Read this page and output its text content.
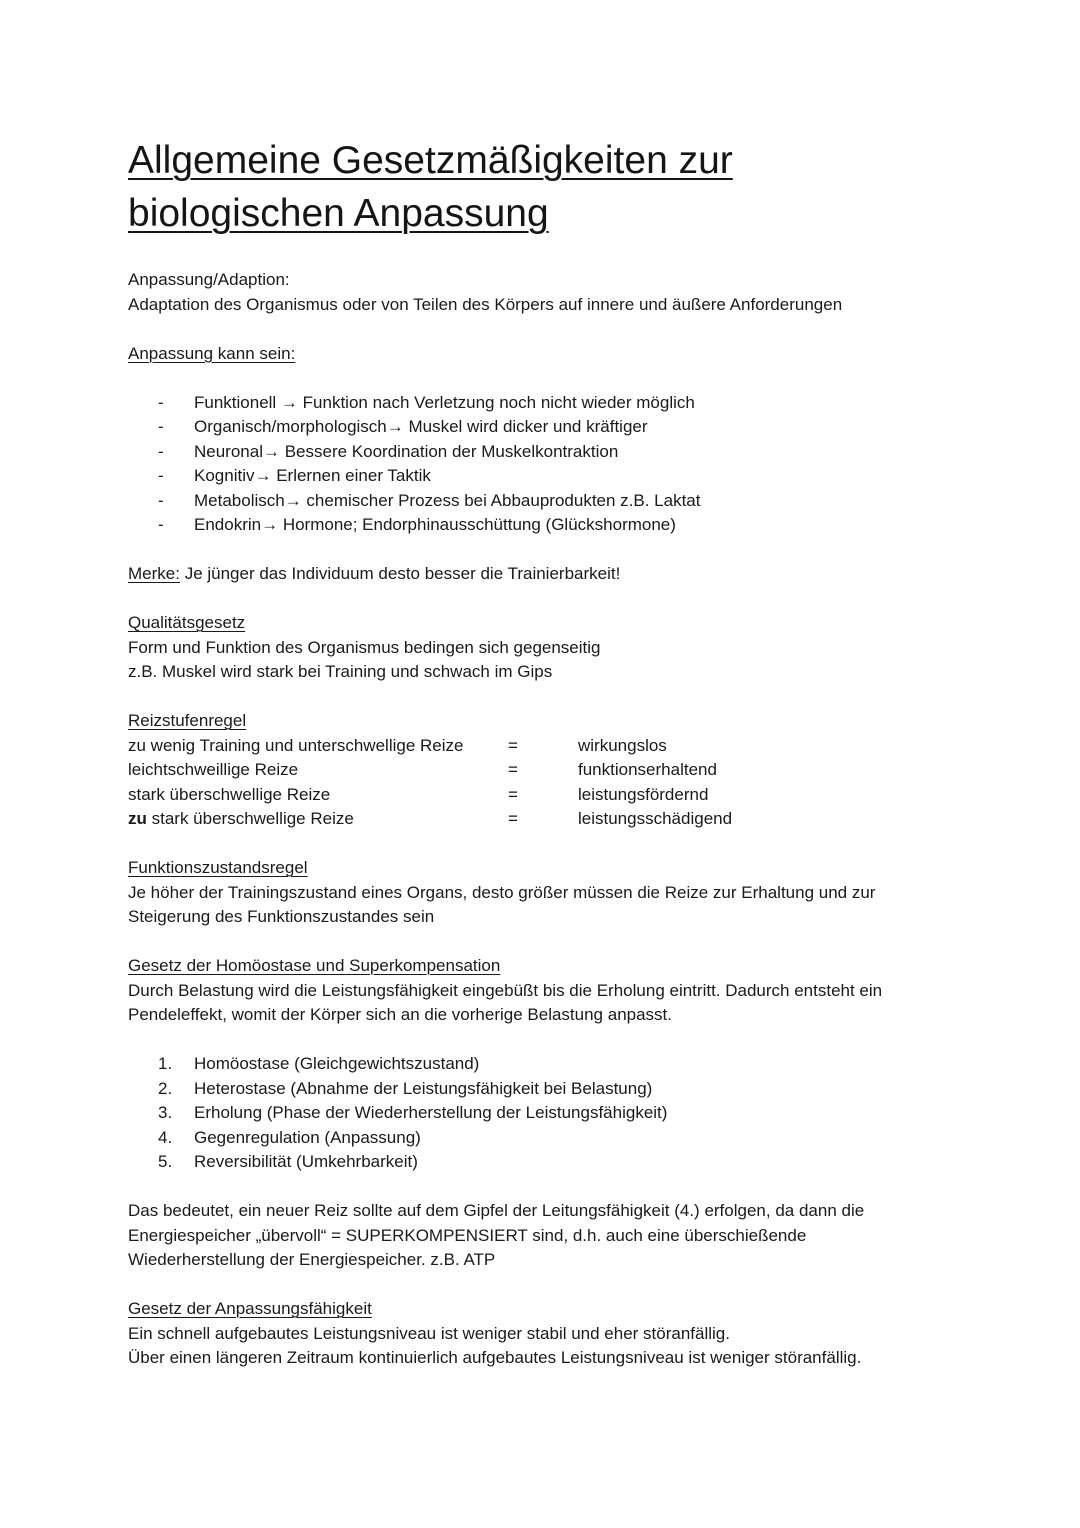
Allgemeine Gesetzmäßigkeiten zur
biologischen Anpassung

Anpassung/Adaption:

Adaptation des Organismus oder von Teilen des Körpers auf innere und äußere Anforderungen

Anpassung kann sein:

- Funktionell → Funktion nach Verletzung noch nicht wieder möglich
- Organisch/morphologisch→ Muskel wird dicker und kräftiger
- Neuronal→ Bessere Koordination der Muskelkontraktion
- Kognitiv→ Erlernen einer Taktik
- Metabolisch→ chemischer Prozess bei Abbauprodukten z.B. Laktat
- Endokrin→ Hormone; Endorphinausschüttung (Glückshormone)

Merke: Je jünger das Individuum desto besser die Trainierbarkeit!

Qualitätsgesetz

Form und Funktion des Organismus bedingen sich gegenseitig

z.B. Muskel wird stark bei Training und schwach im Gips

Reizstufenregel

zu wenig Training und unterschwellige Reize	=	wirkungslos
leichtschweillige Reize	=	funktionserhaltend
stark überschwellige Reize	=	leistungsfördernd
zu stark überschwellige Reize	=	leistungsschädigend

Funktionszustandsregel

Je höher der Trainingszustand eines Organs, desto größer müssen die Reize zur Erhaltung und zur Steigerung des Funktionszustandes sein

Gesetz der Homöostase und Superkompensation

Durch Belastung wird die Leistungsfähigkeit eingebüßt bis die Erholung eintritt. Dadurch entsteht ein Pendeleffekt, womit der Körper sich an die vorherige Belastung anpasst.

1. Homöostase (Gleichgewichtszustand)
2. Heterostase (Abnahme der Leistungsfähigkeit bei Belastung)
3. Erholung (Phase der Wiederherstellung der Leistungsfähigkeit)
4. Gegenregulation (Anpassung)
5. Reversibilität (Umkehrbarkeit)

Das bedeutet, ein neuer Reiz sollte auf dem Gipfel der Leitungsfähigkeit (4.) erfolgen, da dann die Energiespeicher „übervoll“ = SUPERKOMPENSIERT sind, d.h. auch eine überschießende Wiederherstellung der Energiespeicher. z.B. ATP

Gesetz der Anpassungsfähigkeit

Ein schnell aufgebautes Leistungsniveau ist weniger stabil und eher störanfällig.

Über einen längeren Zeitraum kontinuierlich aufgebautes Leistungsniveau ist weniger störanfällig.
